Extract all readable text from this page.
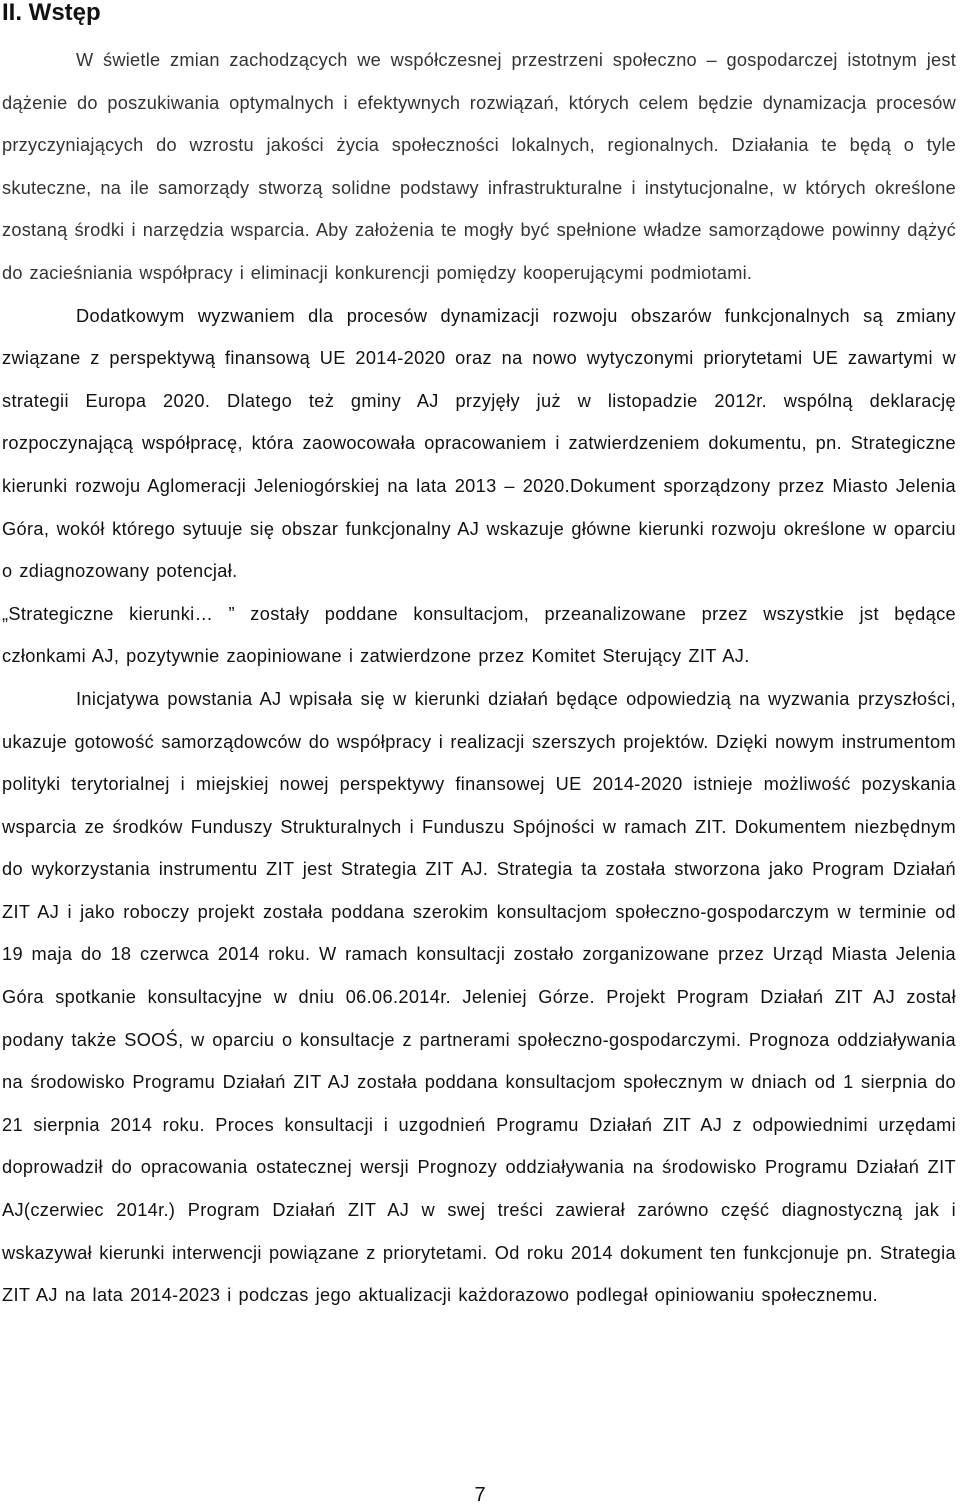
II. Wstęp

W świetle zmian zachodzących we współczesnej przestrzeni społeczno – gospodarczej istotnym jest dążenie do poszukiwania optymalnych i efektywnych rozwiązań, których celem będzie dynamizacja procesów przyczyniających do wzrostu jakości życia społeczności lokalnych, regionalnych. Działania te będą o tyle skuteczne, na ile samorządy stworzą solidne podstawy infrastrukturalne i instytucjonalne, w których określone zostaną środki i narzędzia wsparcia. Aby założenia te mogły być spełnione władze samorządowe powinny dążyć do zacieśniania współpracy i eliminacji konkurencji pomiędzy kooperującymi podmiotami.

Dodatkowym wyzwaniem dla procesów dynamizacji rozwoju obszarów funkcjonalnych są zmiany związane z perspektywą finansową UE 2014-2020 oraz na nowo wytyczonymi priorytetami UE zawartymi w strategii Europa 2020. Dlatego też gminy AJ przyjęły już w listopadzie 2012r. wspólną deklarację rozpoczynającą współpracę, która zaowocowała opracowaniem i zatwierdzeniem dokumentu, pn. Strategiczne kierunki rozwoju Aglomeracji Jeleniogórskiej na lata 2013 – 2020.Dokument sporządzony przez Miasto Jelenia Góra, wokół którego sytuuje się obszar funkcjonalny AJ wskazuje główne kierunki rozwoju określone w oparciu o zdiagnozowany potencjał.

„Strategiczne kierunki… ” zostały poddane konsultacjom, przeanalizowane przez wszystkie jst będące członkami AJ, pozytywnie zaopiniowane i zatwierdzone przez Komitet Sterujący ZIT AJ.

Inicjatywa powstania AJ wpisała się w kierunki działań będące odpowiedzią na wyzwania przyszłości, ukazuje gotowość samorządowców do współpracy i realizacji szerszych projektów. Dzięki nowym instrumentom polityki terytorialnej i miejskiej nowej perspektywy finansowej UE 2014-2020 istnieje możliwość pozyskania wsparcia ze środków Funduszy Strukturalnych i Funduszu Spójności w ramach ZIT. Dokumentem niezbędnym do wykorzystania instrumentu ZIT jest Strategia ZIT AJ. Strategia ta została stworzona jako Program Działań ZIT AJ i jako roboczy projekt została poddana szerokim konsultacjom społeczno-gospodarczym w terminie od 19 maja do 18 czerwca 2014 roku. W ramach konsultacji zostało zorganizowane przez Urząd Miasta Jelenia Góra spotkanie konsultacyjne w dniu 06.06.2014r. Jeleniej Górze. Projekt Program Działań ZIT AJ został podany także SOOŚ, w oparciu o konsultacje z partnerami społeczno-gospodarczymi. Prognoza oddziaływania na środowisko Programu Działań ZIT AJ została poddana konsultacjom społecznym w dniach od 1 sierpnia do 21 sierpnia 2014 roku. Proces konsultacji i uzgodnień Programu Działań ZIT AJ z odpowiednimi urzędami doprowadził do opracowania ostatecznej wersji Prognozy oddziaływania na środowisko Programu Działań ZIT AJ(czerwiec 2014r.) Program Działań ZIT AJ w swej treści zawierał zarówno część diagnostyczną jak i wskazywał kierunki interwencji powiązane z priorytetami. Od roku 2014 dokument ten funkcjonuje pn. Strategia ZIT AJ na lata 2014-2023 i podczas jego aktualizacji każdorazowo podlegał opiniowaniu społecznemu.

7
